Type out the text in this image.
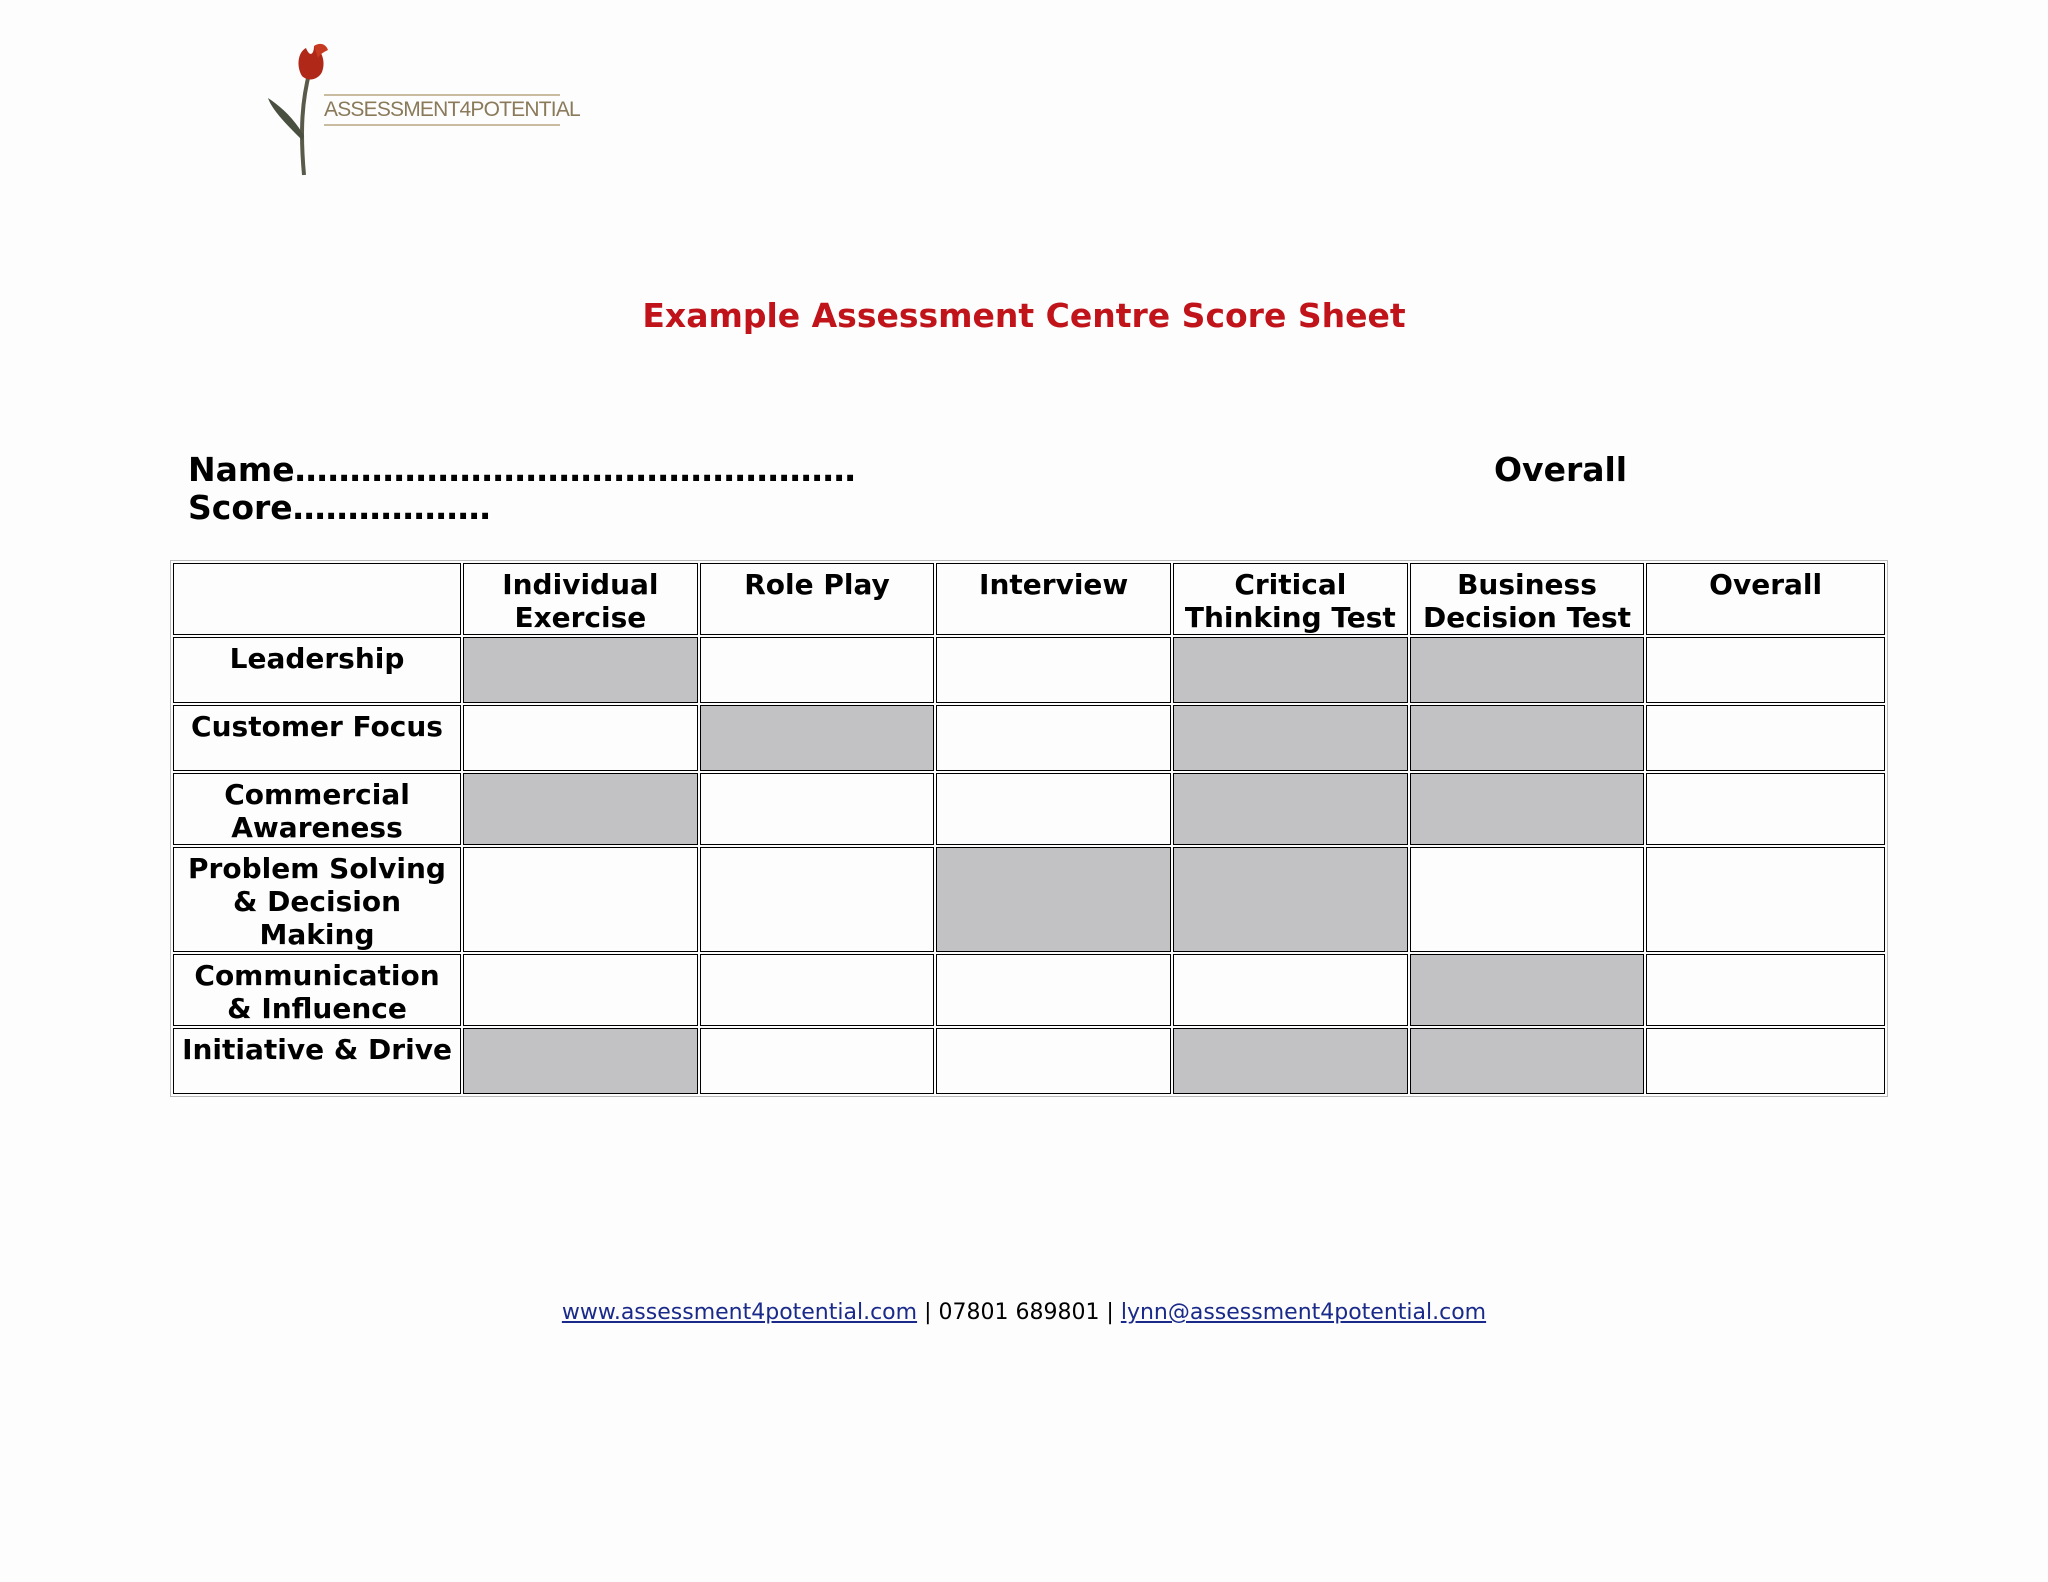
ASSESSMENT4POTENTIAL
Example Assessment Centre Score Sheet
Name……………………………………………	Overall
Score………………
	Individual Exercise	Role Play	Interview	Critical Thinking Test	Business Decision Test	Overall
Leadership						
Customer Focus						
Commercial Awareness						
Problem Solving & Decision Making						
Communication & Influence						
Initiative & Drive						
www.assessment4potential.com | 07801 689801 | lynn@assessment4potential.com
